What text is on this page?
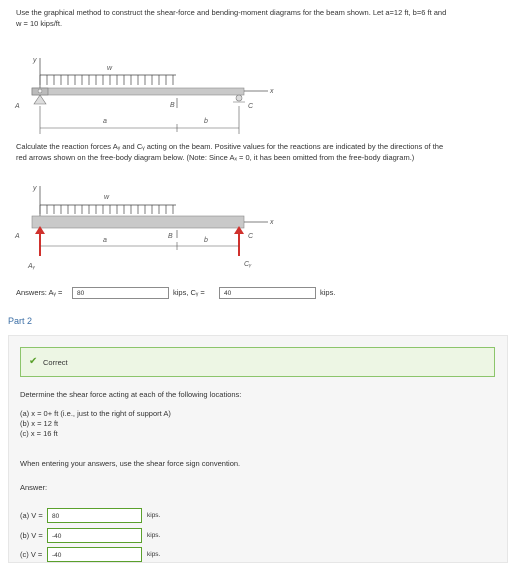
Use the graphical method to construct the shear-force and bending-moment diagrams for the beam shown. Let a=12 ft, b=6 ft and
w = 10 kips/ft.
y
w
x
A	B	C
a	b
Calculate the reaction forces Aᵧ and Cᵧ acting on the beam. Positive values for the reactions are indicated by the directions of the
red arrows shown on the free-body diagram below. (Note: Since Aₓ = 0, it has been omitted from the free-body diagram.)
y
w
x
A	B	C
Aᵧ	Cᵧ
a	b
Answers: Aᵧ =	80	kips, Cᵧ =	40	kips.
Part 2
✔ Correct
Determine the shear force acting at each of the following locations:
(a) x = 0+ ft (i.e., just to the right of support A)
(b) x = 12 ft
(c) x = 16 ft
When entering your answers, use the shear force sign convention.
Answer:
(a) V =	80	kips.
(b) V =	-40	kips.
(c) V =	-40	kips.
